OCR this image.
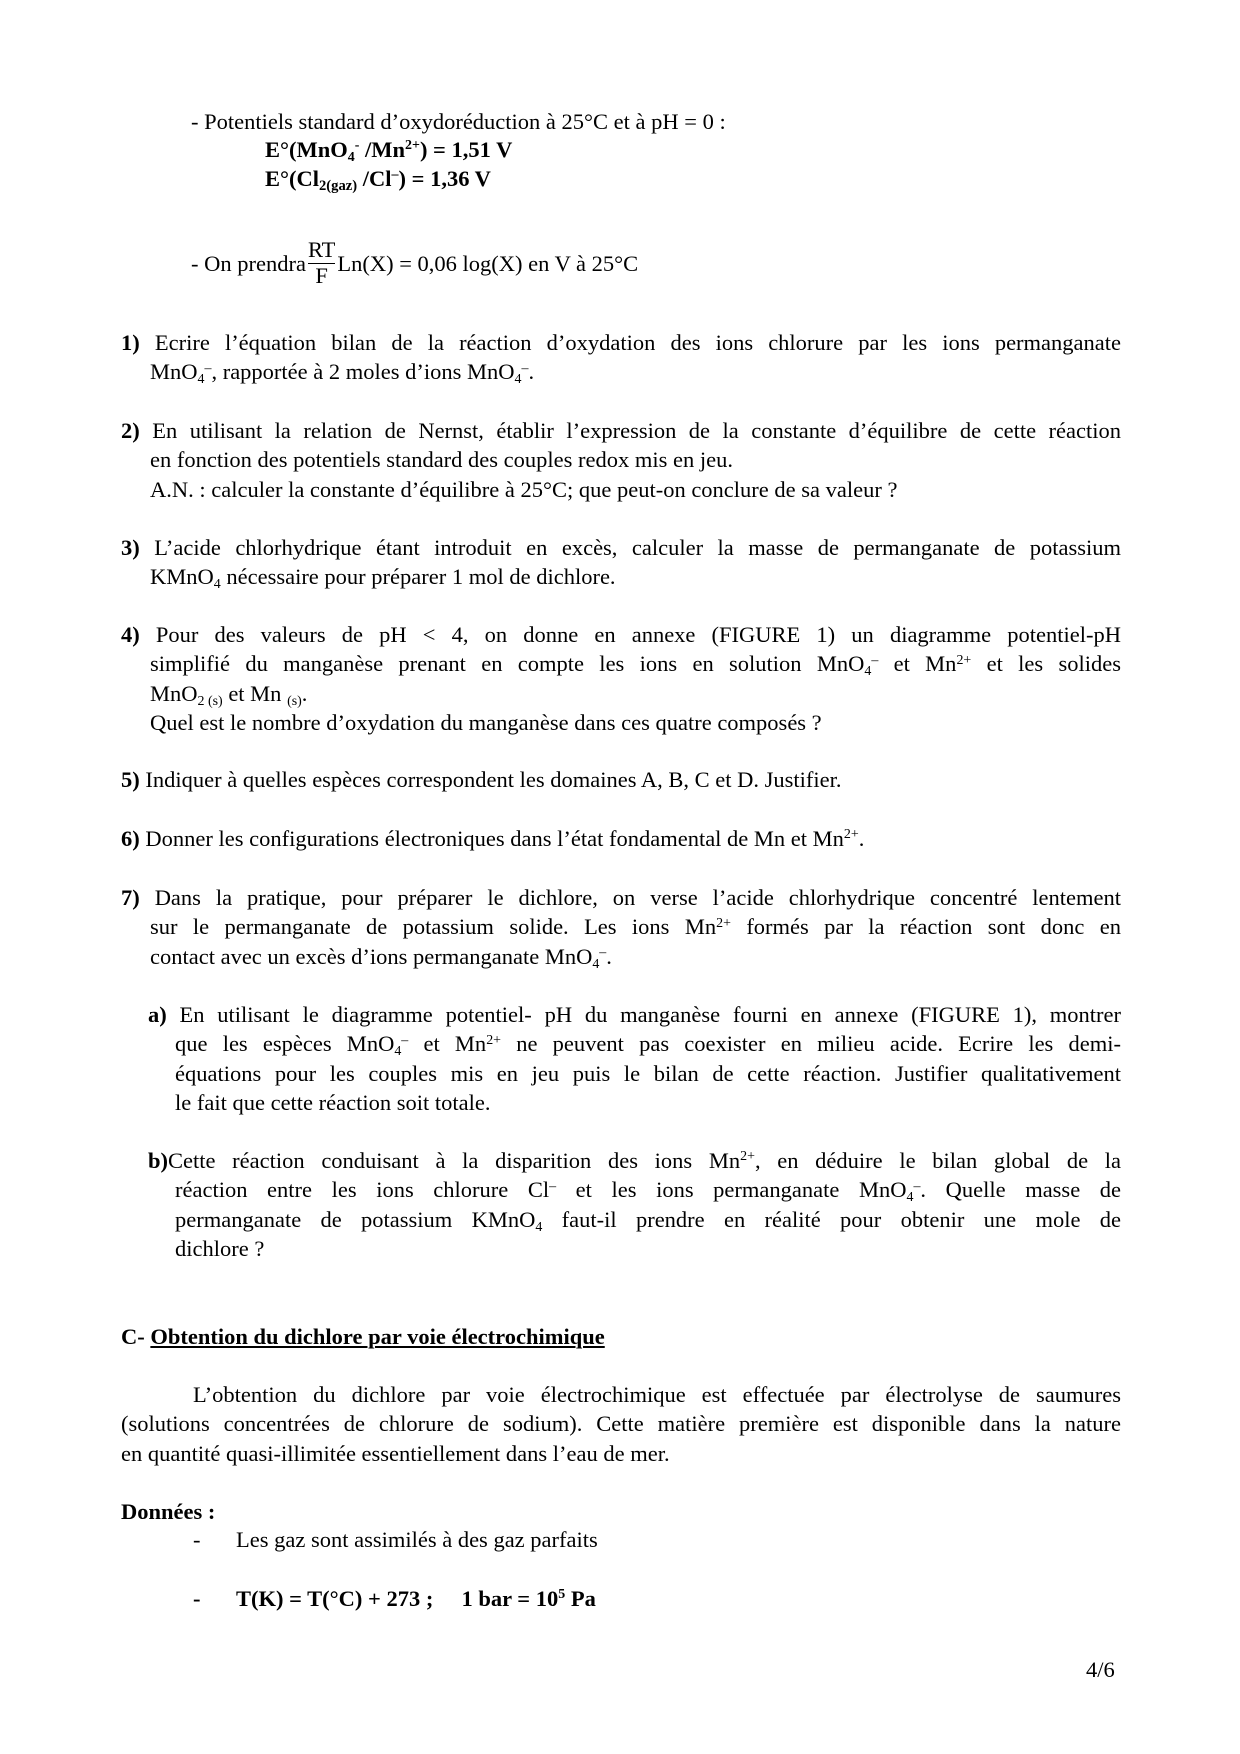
- Potentiels standard d’oxydoréduction à 25°C et à pH = 0 :
E°(MnO$_4$- $/Mn^{2+}) = 1,51$ V
$E^\circ(Cl_{2(gaz)}$ /Cl–) = 1,36 V
- On prendra $\frac{RT}{F} Ln(X) = 0,06$ log(X) en V à 25°C
1) Ecrire l’équation bilan de la réaction d’oxydation des ions chlorure par les ions permanganate
MnO$_4$–, rapportée à 2 moles d’ions MnO$_4$–.
2) En utilisant la relation de Nernst, établir l’expression de la constante d’équilibre de cette réaction
en fonction des potentiels standard des couples redox mis en jeu.
A.N. : calculer la constante d’équilibre à 25°C; que peut-on conclure de sa valeur ?
3) L’acide chlorhydrique étant introduit en excès, calculer la masse de permanganate de potassium
KMnO$_4$ nécessaire pour préparer 1 mol de dichlore.
4) Pour des valeurs de pH < 4, on donne en annexe (FIGURE 1) un diagramme potentiel-pH
simplifié du manganèse prenant en compte les ions en solution MnO$_4$– et $Mn^{2+}$ et les solides
MnO$_{2 (s)}$ et Mn $_{(s)}$.
Quel est le nombre d’oxydation du manganèse dans ces quatre composés ?
5) Indiquer à quelles espèces correspondent les domaines A, B, C et D. Justifier.
6) Donner les configurations électroniques dans l’état fondamental de Mn et $Mn^{2+}$.
7) Dans la pratique, pour préparer le dichlore, on verse l’acide chlorhydrique concentré lentement
sur le permanganate de potassium solide. Les ions $Mn^{2+}$ formés par la réaction sont donc en
contact avec un excès d’ions permanganate MnO$_4$–.
a) En utilisant le diagramme potentiel- pH du manganèse fourni en annexe (FIGURE 1), montrer
que les espèces MnO$_4$– et $Mn^{2+}$ ne peuvent pas coexister en milieu acide. Ecrire les demi-
équations pour les couples mis en jeu puis le bilan de cette réaction. Justifier qualitativement
le fait que cette réaction soit totale.
b)Cette réaction conduisant à la disparition des ions $Mn^{2+}$, en déduire le bilan global de la
réaction entre les ions chlorure Cl– et les ions permanganate MnO$_4$–. Quelle masse de
permanganate de potassium KMnO$_4$ faut-il prendre en réalité pour obtenir une mole de
dichlore ?
C- Obtention du dichlore par voie électrochimique
L’obtention du dichlore par voie électrochimique est effectuée par électrolyse de saumures
(solutions concentrées de chlorure de sodium). Cette matière première est disponible dans la nature
en quantité quasi-illimitée essentiellement dans l’eau de mer.
Données :
- Les gaz sont assimilés à des gaz parfaits
- T(K) = T(°C) + 273 ;     1 bar = $10^5$ Pa
4/6
